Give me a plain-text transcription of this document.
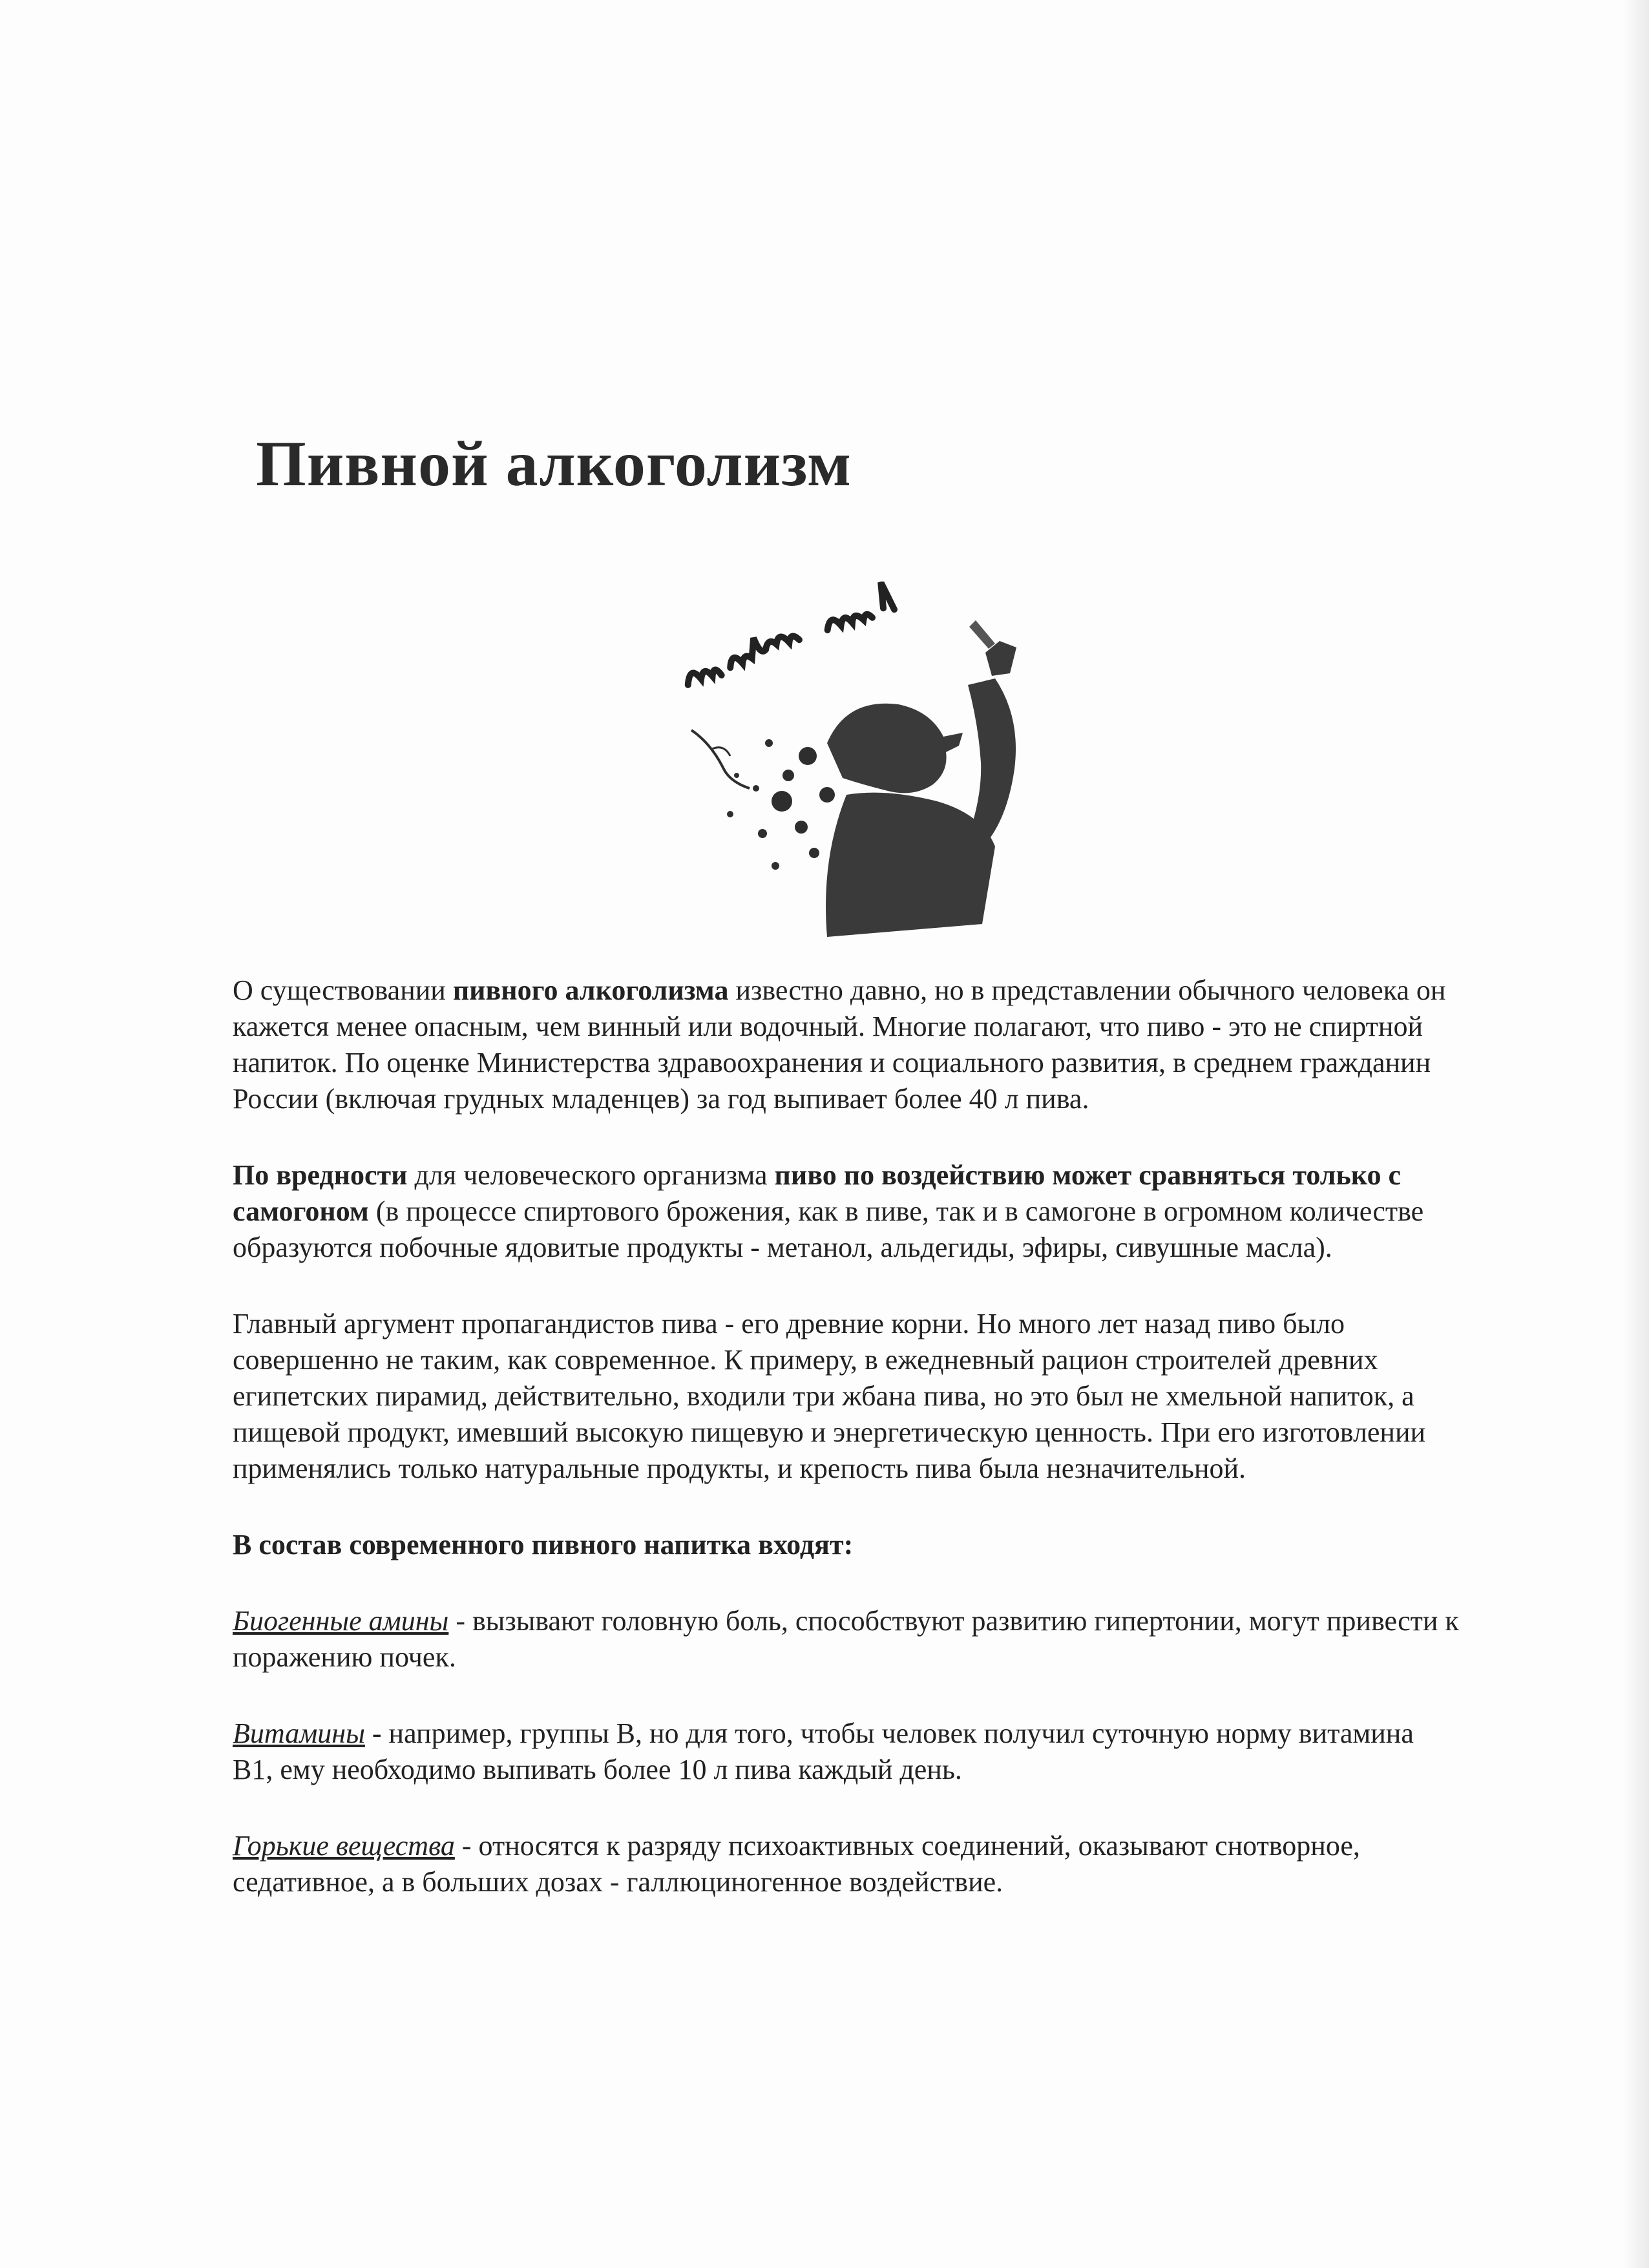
Пивной алкоголизм

О существовании пивного алкоголизма известно давно, но в представлении обычного человека он кажется менее опасным, чем винный или водочный. Многие полагают, что пиво - это не спиртной напиток. По оценке Министерства здравоохранения и социального развития, в среднем гражданин России (включая грудных младенцев) за год выпивает более 40 л пива.

По вредности для человеческого организма пиво по воздействию может сравняться только с самогоном (в процессе спиртового брожения, как в пиве, так и в самогоне в огромном количестве образуются побочные ядовитые продукты - метанол, альдегиды, эфиры, сивушные масла).

Главный аргумент пропагандистов пива - его древние корни. Но много лет назад пиво было совершенно не таким, как современное. К примеру, в ежедневный рацион строителей древних египетских пирамид, действительно, входили три жбана пива, но это был не хмельной напиток, а пищевой продукт, имевший высокую пищевую и энергетическую ценность. При его изготовлении применялись только натуральные продукты, и крепость пива была незначительной.

В состав современного пивного напитка входят:

Биогенные амины - вызывают головную боль, способствуют развитию гипертонии, могут привести к поражению почек.

Витамины - например, группы В, но для того, чтобы человек получил суточную норму витамина В1, ему необходимо выпивать более 10 л пива каждый день.

Горькие вещества - относятся к разряду психоактивных соединений, оказывают снотворное, седативное, а в больших дозах - галлюциногенное воздействие.
